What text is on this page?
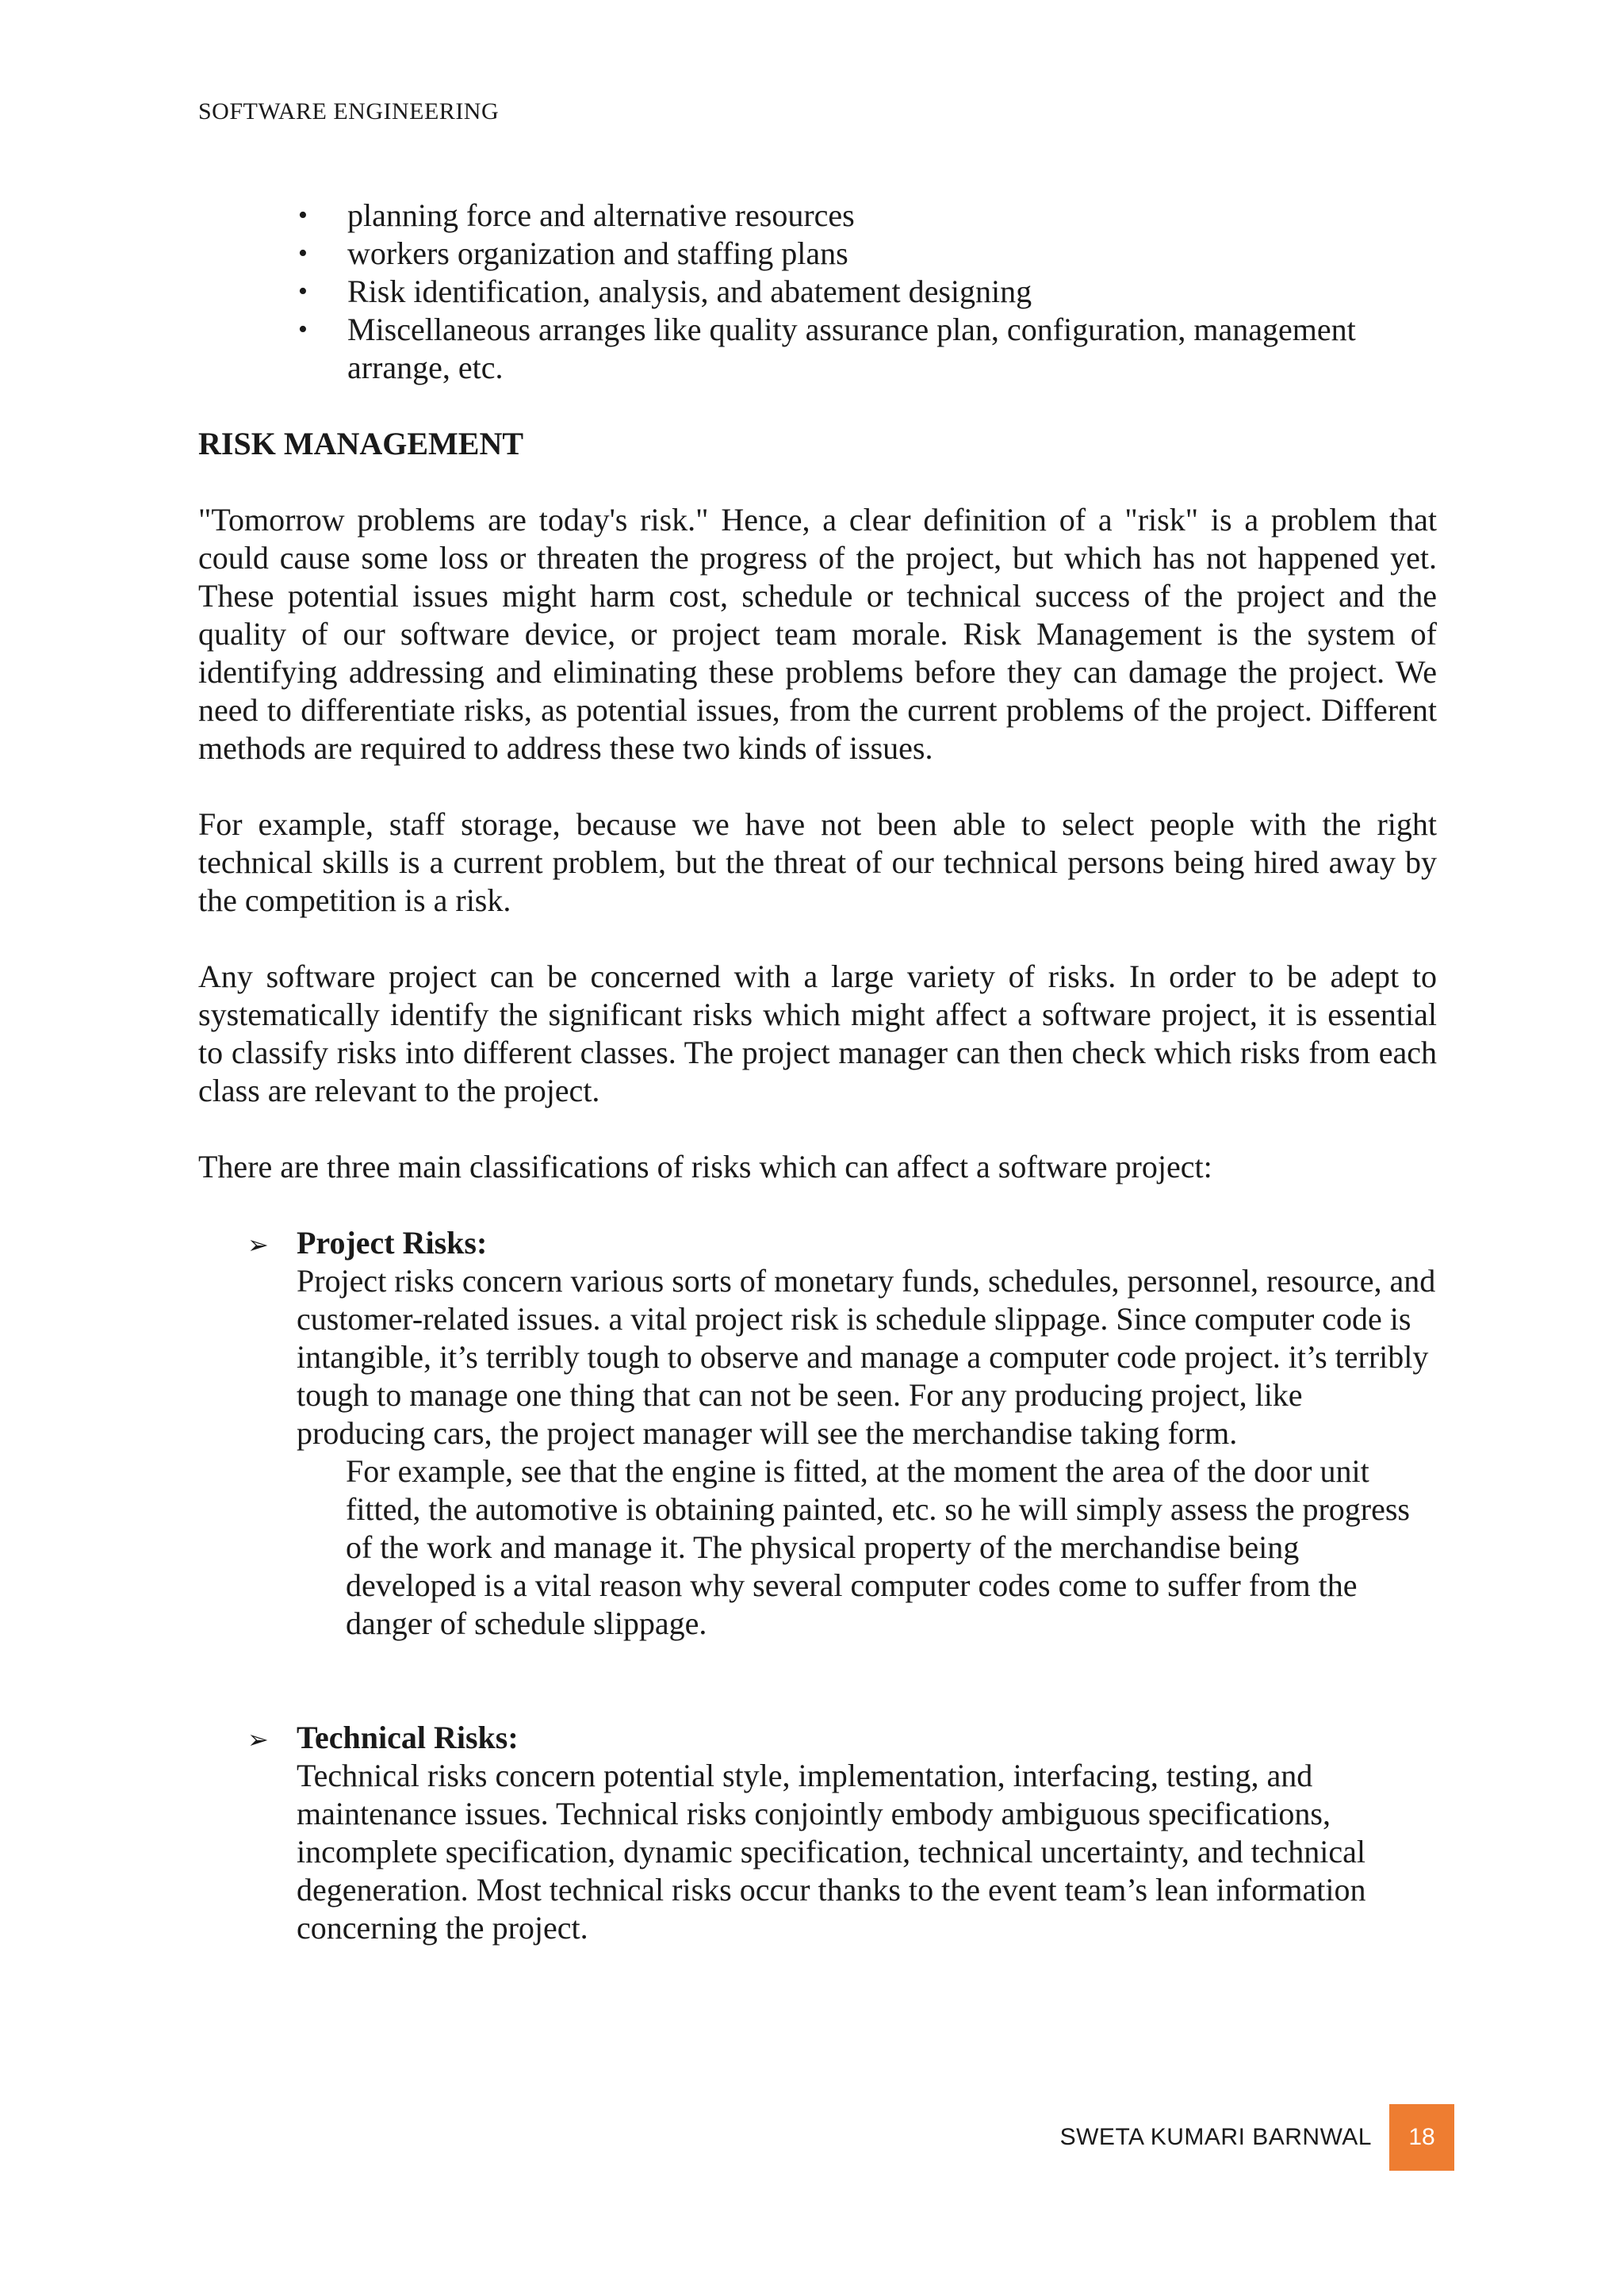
SOFTWARE ENGINEERING
• planning force and alternative resources
• workers organization and staffing plans
• Risk identification, analysis, and abatement designing
• Miscellaneous arranges like quality assurance plan, configuration, management arrange, etc.
RISK MANAGEMENT

"Tomorrow problems are today's risk." Hence, a clear definition of a "risk" is a problem that could cause some loss or threaten the progress of the project, but which has not happened yet. These potential issues might harm cost, schedule or technical success of the project and the quality of our software device, or project team morale. Risk Management is the system of identifying addressing and eliminating these problems before they can damage the project. We need to differentiate risks, as potential issues, from the current problems of the project. Different methods are required to address these two kinds of issues.

For example, staff storage, because we have not been able to select people with the right technical skills is a current problem, but the threat of our technical persons being hired away by the competition is a risk.

Any software project can be concerned with a large variety of risks. In order to be adept to systematically identify the significant risks which might affect a software project, it is essential to classify risks into different classes. The project manager can then check which risks from each class are relevant to the project.

There are three main classifications of risks which can affect a software project:

➢ Project Risks:

Project risks concern various sorts of monetary funds, schedules, personnel, resource, and customer-related issues. a vital project risk is schedule slippage. Since computer code is intangible, it’s terribly tough to observe and manage a computer code project. it’s terribly tough to manage one thing that can not be seen. For any producing project, like producing cars, the project manager will see the merchandise taking form.

For example, see that the engine is fitted, at the moment the area of the door unit fitted, the automotive is obtaining painted, etc. so he will simply assess the progress of the work and manage it. The physical property of the merchandise being developed is a vital reason why several computer codes come to suffer from the danger of schedule slippage.

➢ Technical Risks:

Technical risks concern potential style, implementation, interfacing, testing, and maintenance issues. Technical risks conjointly embody ambiguous specifications, incomplete specification, dynamic specification, technical uncertainty, and technical degeneration. Most technical risks occur thanks to the event team’s lean information concerning the project.

SWETA KUMARI BARNWAL	18
